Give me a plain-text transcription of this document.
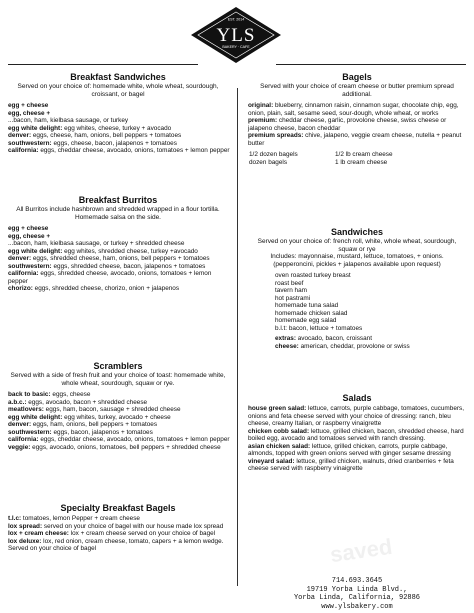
EST. 2014
YLS
BAKERY · CAFE
Breakfast Sandwiches
Served on your choice of: homemade white, whole wheat, sourdough, croissant, or bagel
egg + cheese
egg, cheese +
...bacon, ham, kielbasa sausage, or turkey
egg white delight: egg whites, cheese, turkey + avocado
denver: eggs, cheese, ham, onions, bell peppers + tomatoes
southwestern: eggs, cheese, bacon, jalapenos + tomatoes
california: eggs, cheddar cheese, avocado, onions, tomatoes + lemon pepper
Breakfast Burritos
All Burritos include hashbrown and shredded wrapped in a flour tortilla. Homemade salsa on the side.
egg + cheese
egg, cheese +
...bacon, ham, kielbasa sausage, or turkey + shredded cheese
egg white delight: egg whites, shredded cheese, turkey +avocado
denver: eggs, shredded cheese, ham, onions, bell peppers + tomatoes
southwestern: eggs, shredded cheese, bacon, jalapenos + tomatoes
california: eggs, shredded cheese, avocado, onions, tomatoes + lemon pepper
chorizo: eggs, shredded cheese, chorizo, onion + jalapenos
Scramblers
Served with a side of fresh fruit and your choice of toast: homemade white, whole wheat, sourdough, squaw or rye.
back to basic: eggs, cheese
a.b.c.: eggs, avocado, bacon + shredded cheese
meatlovers: eggs, ham, bacon, sausage + shredded cheese
egg white delight: egg whites, turkey, avocado + cheese
denver: eggs, ham, onions, bell peppers + tomatoes
southwestern: eggs, bacon, jalapenos + tomatoes
california: eggs, cheddar cheese, avocado, onions, tomatoes + lemon pepper
veggie: eggs, avocado, onions, tomatoes, bell peppers + shredded cheese
Specialty Breakfast Bagels
t.l.c: tomatoes, lemon Pepper + cream cheese
lox spread: served on your choice of bagel with our house made lox spread
lox + cream cheese: lox + cream cheese served on your choice of bagel
lox deluxe: lox, red onion, cream cheese, tomato, capers + a lemon wedge. Served on your choice of bagel
Bagels
Served with your choice of cream cheese or butter premium spread additional.
original: blueberry, cinnamon raisin, cinnamon sugar, chocolate chip, egg, onion, plain, salt, sesame seed, sour-dough, whole wheat, or works
premium: cheddar cheese, garlic, provolone cheese, swiss cheese or jalapeno cheese, bacon cheddar
premium spreads: chive, jalapeno, veggie cream cheese, nutella + peanut butter
1/2 dozen bagels	1/2 lb cream cheese
dozen bagels	1 lb cream cheese
Sandwiches
Served on your choice of: french roll, white, whole wheat, sourdough, squaw or rye
Includes: mayonnaise, mustard, lettuce, tomatoes, + onions. (pepperoncini, pickles + jalapenos available upon request)
oven roasted turkey breast
roast beef
tavern ham
hot pastrami
homemade tuna salad
homemade chicken salad
homemade egg salad
b.l.t: bacon, lettuce + tomatoes
extras: avocado, bacon, croissant
cheese: american, cheddar, provolone or swiss
Salads
house green salad: lettuce, carrots, purple cabbage, tomatoes, cucumbers, onions and feta cheese served with your choice of dressing: ranch, bleu cheese, creamy Italian, or raspberry vinaigrette
chicken cobb salad: lettuce, grilled chicken, bacon, shredded cheese, hard boiled egg, avocado and tomatoes served with ranch dressing.
asian chicken salad: lettuce, grilled chicken, carrots, purple cabbage, almonds, topped with green onions served with ginger sesame dressing
vineyard salad: lettuce, grilled chicken, walnuts, dried cranberries + feta cheese served with raspberry vinaigrette
saved
714.693.3645
19719 Yorba Linda Blvd.,
Yorba Linda, California, 92886
www.ylsbakery.com
